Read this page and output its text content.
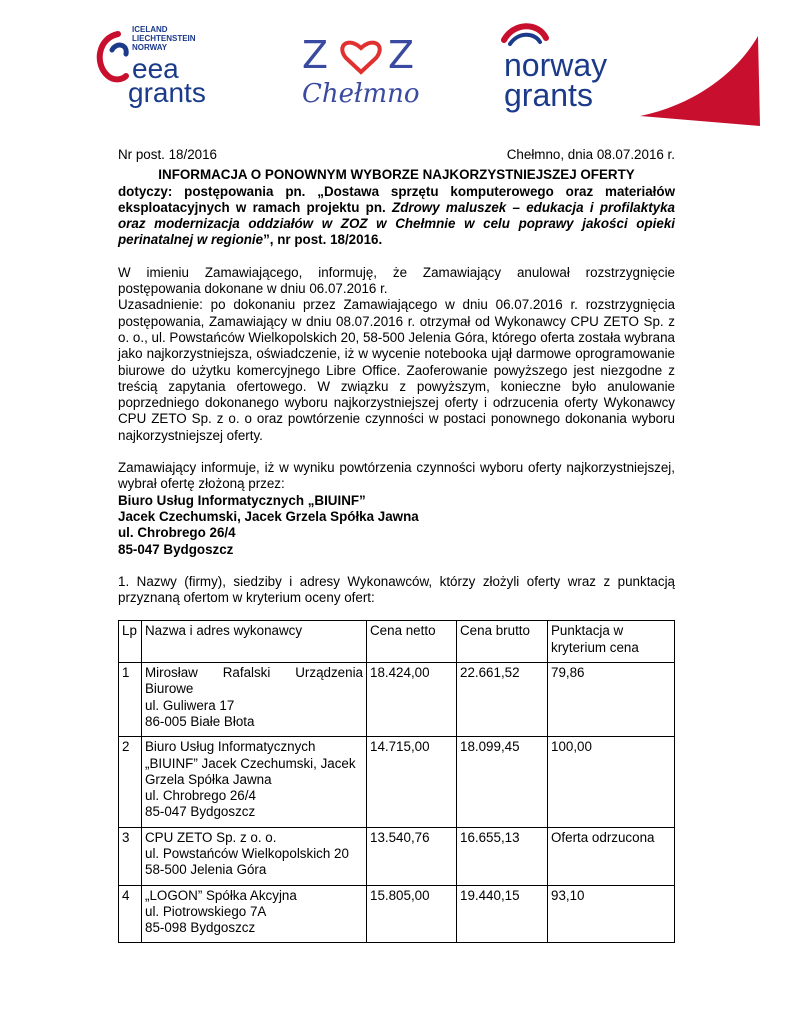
ICELAND
LIECHTENSTEIN
NORWAY
eea
grants
Z Z
Chełmno
norway
grants
Nr post. 18/2016	Chełmno, dnia 08.07.2016 r.
INFORMACJA O PONOWNYM WYBORZE NAJKORZYSTNIEJSZEJ OFERTY
dotyczy: postępowania pn. „Dostawa sprzętu komputerowego oraz materiałów eksploatacyjnych w ramach projektu pn. Zdrowy maluszek – edukacja i profilaktyka oraz modernizacja oddziałów w ZOZ w Chełmnie w celu poprawy jakości opieki perinatalnej w regionie”, nr post. 18/2016.

W imieniu Zamawiającego, informuję, że Zamawiający anulował rozstrzygnięcie postępowania dokonane w dniu 06.07.2016 r.

Uzasadnienie: po dokonaniu przez Zamawiającego w dniu 06.07.2016 r. rozstrzygnięcia postępowania, Zamawiający w dniu 08.07.2016 r. otrzymał od Wykonawcy CPU ZETO Sp. z o. o., ul. Powstańców Wielkopolskich 20, 58-500 Jelenia Góra, którego oferta została wybrana jako najkorzystniejsza, oświadczenie, iż w wycenie notebooka ujął darmowe oprogramowanie biurowe do użytku komercyjnego Libre Office. Zaoferowanie powyższego jest niezgodne z treścią zapytania ofertowego. W związku z powyższym, konieczne było anulowanie poprzedniego dokonanego wyboru najkorzystniejszej oferty i odrzucenia oferty Wykonawcy CPU ZETO Sp. z o. o oraz powtórzenie czynności w postaci ponownego dokonania wyboru najkorzystniejszej oferty.

Zamawiający informuje, iż w wyniku powtórzenia czynności wyboru oferty najkorzystniejszej, wybrał ofertę złożoną przez:

Biuro Usług Informatycznych „BIUINF”
Jacek Czechumski, Jacek Grzela Spółka Jawna
ul. Chrobrego 26/4
85-047 Bydgoszcz

1. Nazwy (firmy), siedziby i adresy Wykonawców, którzy złożyli oferty wraz z punktacją przyznaną ofertom w kryterium oceny ofert:

Lp	Nazwa i adres wykonawcy	Cena netto	Cena brutto	Punktacja w kryterium cena
1	Mirosław Rafalski Urządzenia
Biurowe
ul. Guliwera 17
86-005 Białe Błota	18.424,00	22.661,52	79,86
2	Biuro Usług Informatycznych
„BIUINF” Jacek Czechumski, Jacek
Grzela Spółka Jawna
ul. Chrobrego 26/4
85-047 Bydgoszcz	14.715,00	18.099,45	100,00
3	CPU ZETO Sp. z o. o.
ul. Powstańców Wielkopolskich 20
58-500 Jelenia Góra	13.540,76	16.655,13	Oferta odrzucona
4	„LOGON” Spółka Akcyjna
ul. Piotrowskiego 7A
85-098 Bydgoszcz	15.805,00	19.440,15	93,10
